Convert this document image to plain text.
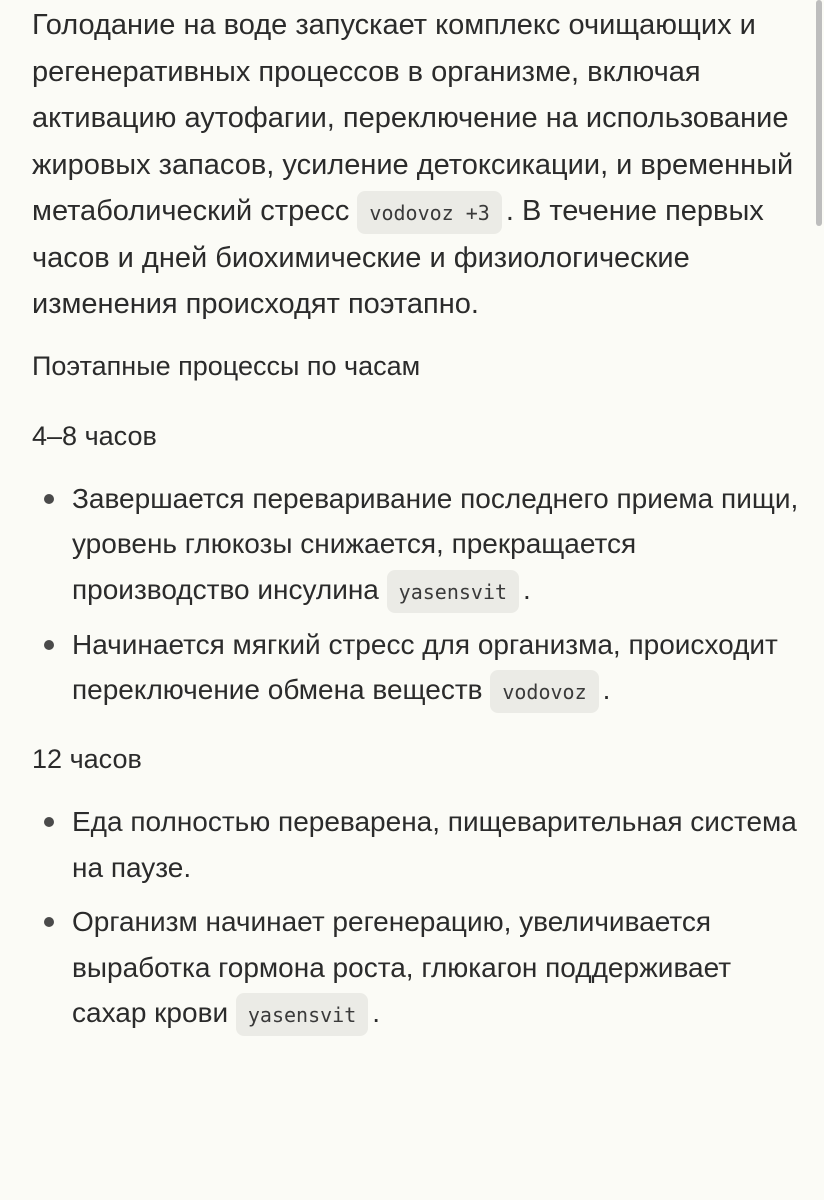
Голодание на воде запускает комплекс очищающих и регенеративных процессов в организме, включая активацию аутофагии, переключение на использование жировых запасов, усиление детоксикации, и временный метаболический стресс vodovoz +3 . В течение первых часов и дней биохимические и физиологические изменения происходят поэтапно.

Поэтапные процессы по часам

4–8 часов

Завершается переваривание последнего приема пищи, уровень глюкозы снижается, прекращается производство инсулина yasensvit .
Начинается мягкий стресс для организма, происходит переключение обмена веществ vodovoz .

12 часов

Еда полностью переварена, пищеварительная система на паузе.
Организм начинает регенерацию, увеличивается выработка гормона роста, глюкагон поддерживает сахар крови yasensvit .
